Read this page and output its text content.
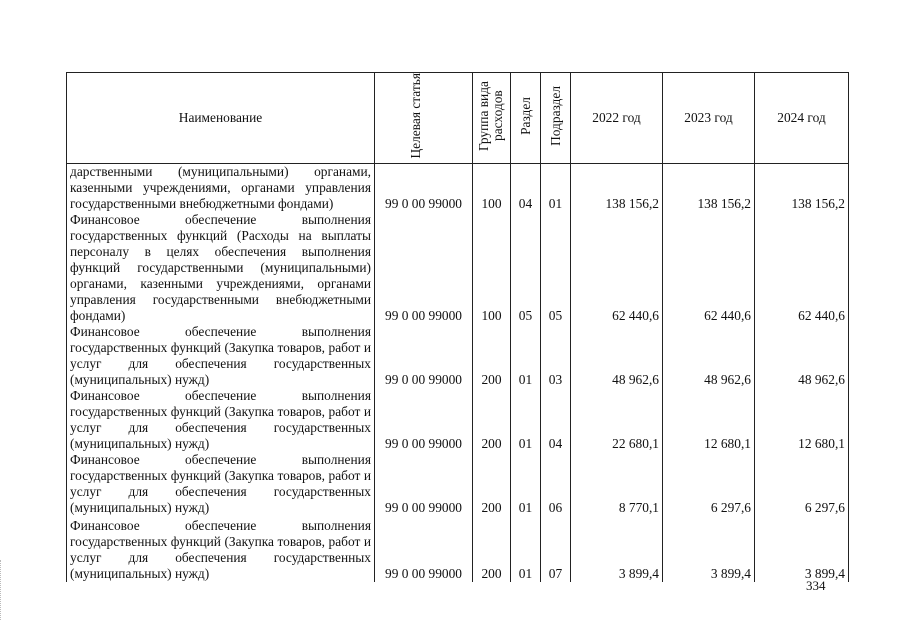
Наименование	Целевая статья	Группа вида расходов	Раздел	Подраздел	2022 год	2023 год	2024 год
дарственными (муниципальными) органами, казенными учреждениями, органами управления государственными внебюджетными фондами)	99 0 00 99000	100	04	01	138 156,2	138 156,2	138 156,2
Финансовое обеспечение выполнения государственных функций (Расходы на выплаты персоналу в целях обеспечения выполнения функций государственными (муниципальными) органами, казенными учреждениями, органами управления государственными внебюджетными фондами)	99 0 00 99000	100	05	05	62 440,6	62 440,6	62 440,6
Финансовое обеспечение выполнения государственных функций (Закупка товаров, работ и услуг для обеспечения государственных (муниципальных) нужд)	99 0 00 99000	200	01	03	48 962,6	48 962,6	48 962,6
Финансовое обеспечение выполнения государственных функций (Закупка товаров, работ и услуг для обеспечения государственных (муниципальных) нужд)	99 0 00 99000	200	01	04	22 680,1	12 680,1	12 680,1
Финансовое обеспечение выполнения государственных функций (Закупка товаров, работ и услуг для обеспечения государственных (муниципальных) нужд)	99 0 00 99000	200	01	06	8 770,1	6 297,6	6 297,6
Финансовое обеспечение выполнения государственных функций (Закупка товаров, работ и услуг для обеспечения государственных (муниципальных) нужд)	99 0 00 99000	200	01	07	3 899,4	3 899,4	3 899,4
334
